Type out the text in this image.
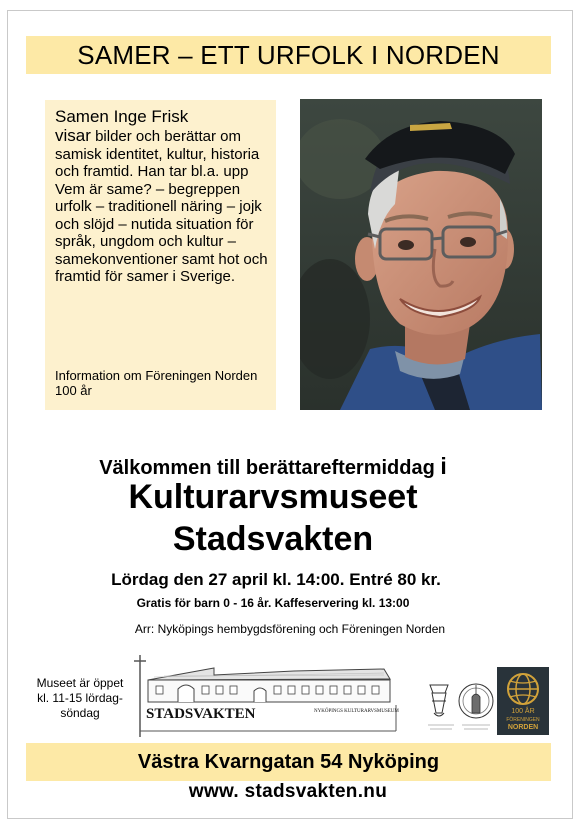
SAMER – ETT URFOLK I NORDEN
Samen Inge Frisk
visar bilder och berättar om samisk identitet, kultur, historia och framtid. Han tar bl.a. upp Vem är same? – begreppen urfolk – traditionell näring – jojk och slöjd – nutida situation för språk, ungdom och kultur – samekonventioner samt hot och framtid för samer i Sverige.
Information om Föreningen Norden 100 år
Välkommen till berättareftermiddag i
Kulturarvsmuseet
Stadsvakten
Lördag den 27 april kl. 14:00. Entré 80 kr.
Gratis för barn 0 - 16 år. Kaffeservering kl. 13:00
Arr: Nyköpings hembygdsförening och Föreningen Norden
Museet är öppet kl. 11-15 lördag-söndag	STADSVAKTEN	NYKÖPINGS KULTURARVSMUSEUM	100 ÅR
FÖRENINGEN
NORDEN
Västra Kvarngatan 54 Nyköping
www. stadsvakten.nu
